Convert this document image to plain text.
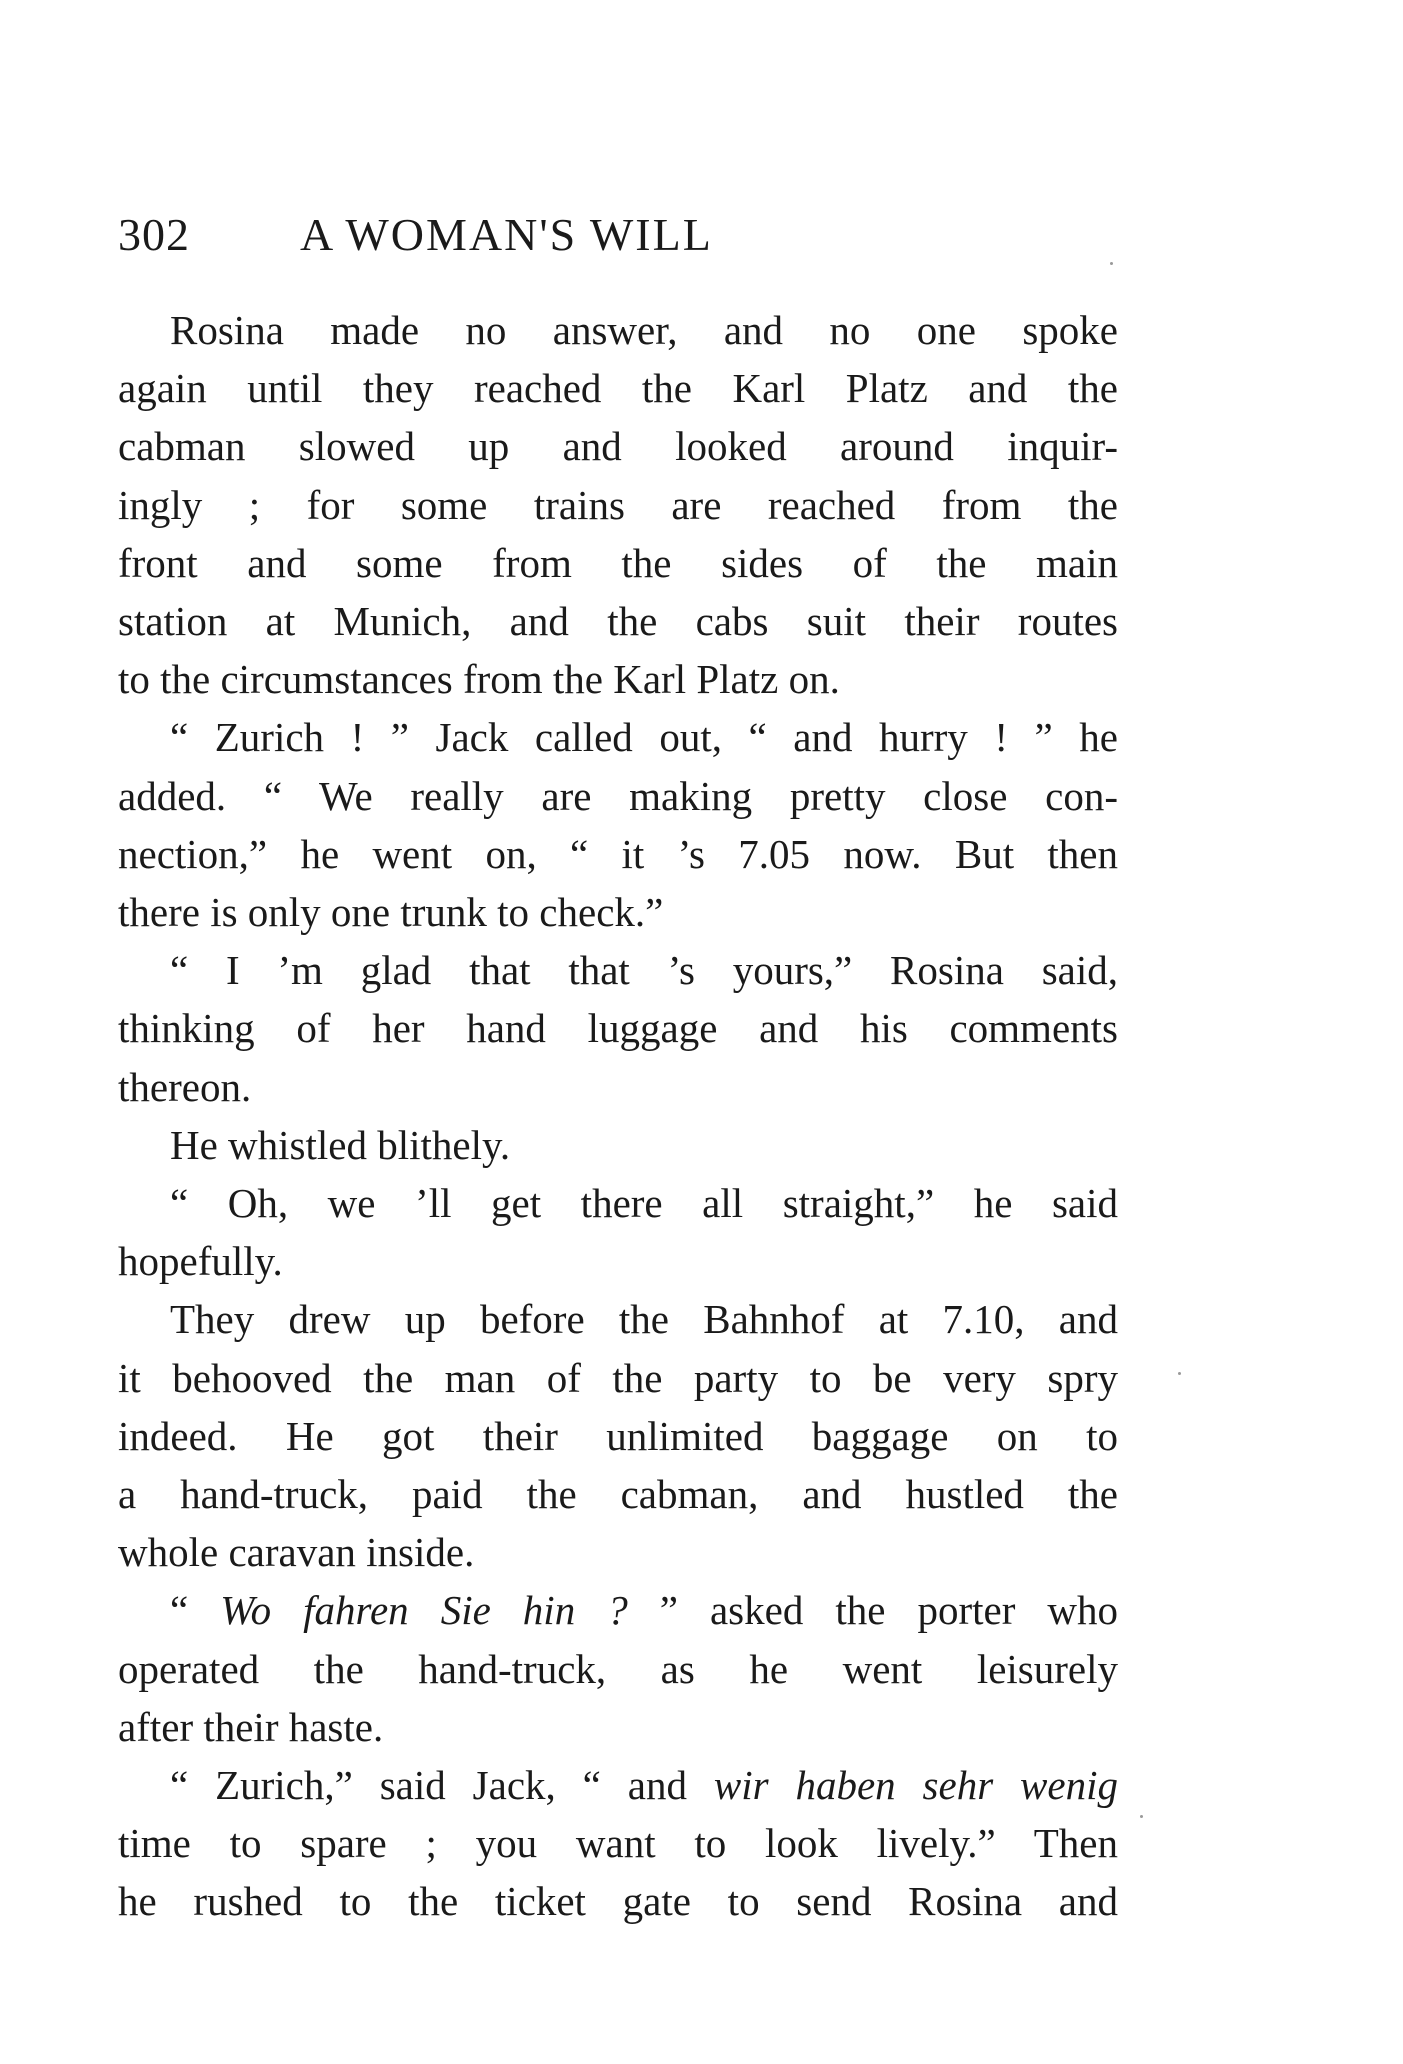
302 A WOMAN'S WILL
Rosina made no answer, and no one spoke
again until they reached the Karl Platz and the
cabman slowed up and looked around inquir-
ingly ; for some trains are reached from the
front and some from the sides of the main
station at Munich, and the cabs suit their routes
to the circumstances from the Karl Platz on.
“ Zurich ! ” Jack called out, “ and hurry ! ” he
added. “ We really are making pretty close con-
nection,” he went on, “ it ’s 7.05 now. But then
there is only one trunk to check.”
“ I ’m glad that that ’s yours,” Rosina said,
thinking of her hand luggage and his comments
thereon.
He whistled blithely.
“ Oh, we ’ll get there all straight,” he said
hopefully.
They drew up before the Bahnhof at 7.10, and
it behooved the man of the party to be very spry
indeed. He got their unlimited baggage on to
a hand-truck, paid the cabman, and hustled the
whole caravan inside.
“ Wo fahren Sie hin ? ” asked the porter who
operated the hand-truck, as he went leisurely
after their haste.
“ Zurich,” said Jack, “ and wir haben sehr wenig
time to spare ; you want to look lively.” Then
he rushed to the ticket gate to send Rosina and
